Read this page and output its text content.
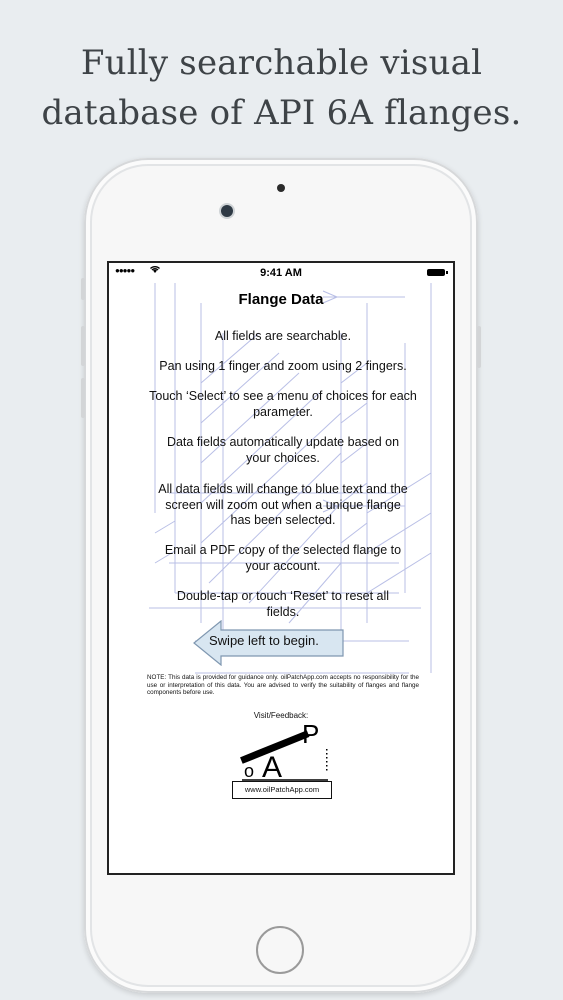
Fully searchable visual
database of API 6A flanges.
●●●●●	9:41 AM
Flange Data
All fields are searchable.
Pan using 1 finger and zoom using 2 fingers.
Touch ‘Select’ to see a menu of choices for each parameter.
Data fields automatically update based on your choices.
All data fields will change to blue text and the screen will zoom out when a unique flange has been selected.
Email a PDF copy of the selected flange to your account.
Double-tap or touch ‘Reset’ to reset all fields.
Swipe left to begin.
NOTE: This data is provided for guidance only. oilPatchApp.com accepts no responsibility for the use or interpretation of this data. You are advised to verify the suitability of flanges and flange components before use.
Visit/Feedback:
P
o A
www.oilPatchApp.com
